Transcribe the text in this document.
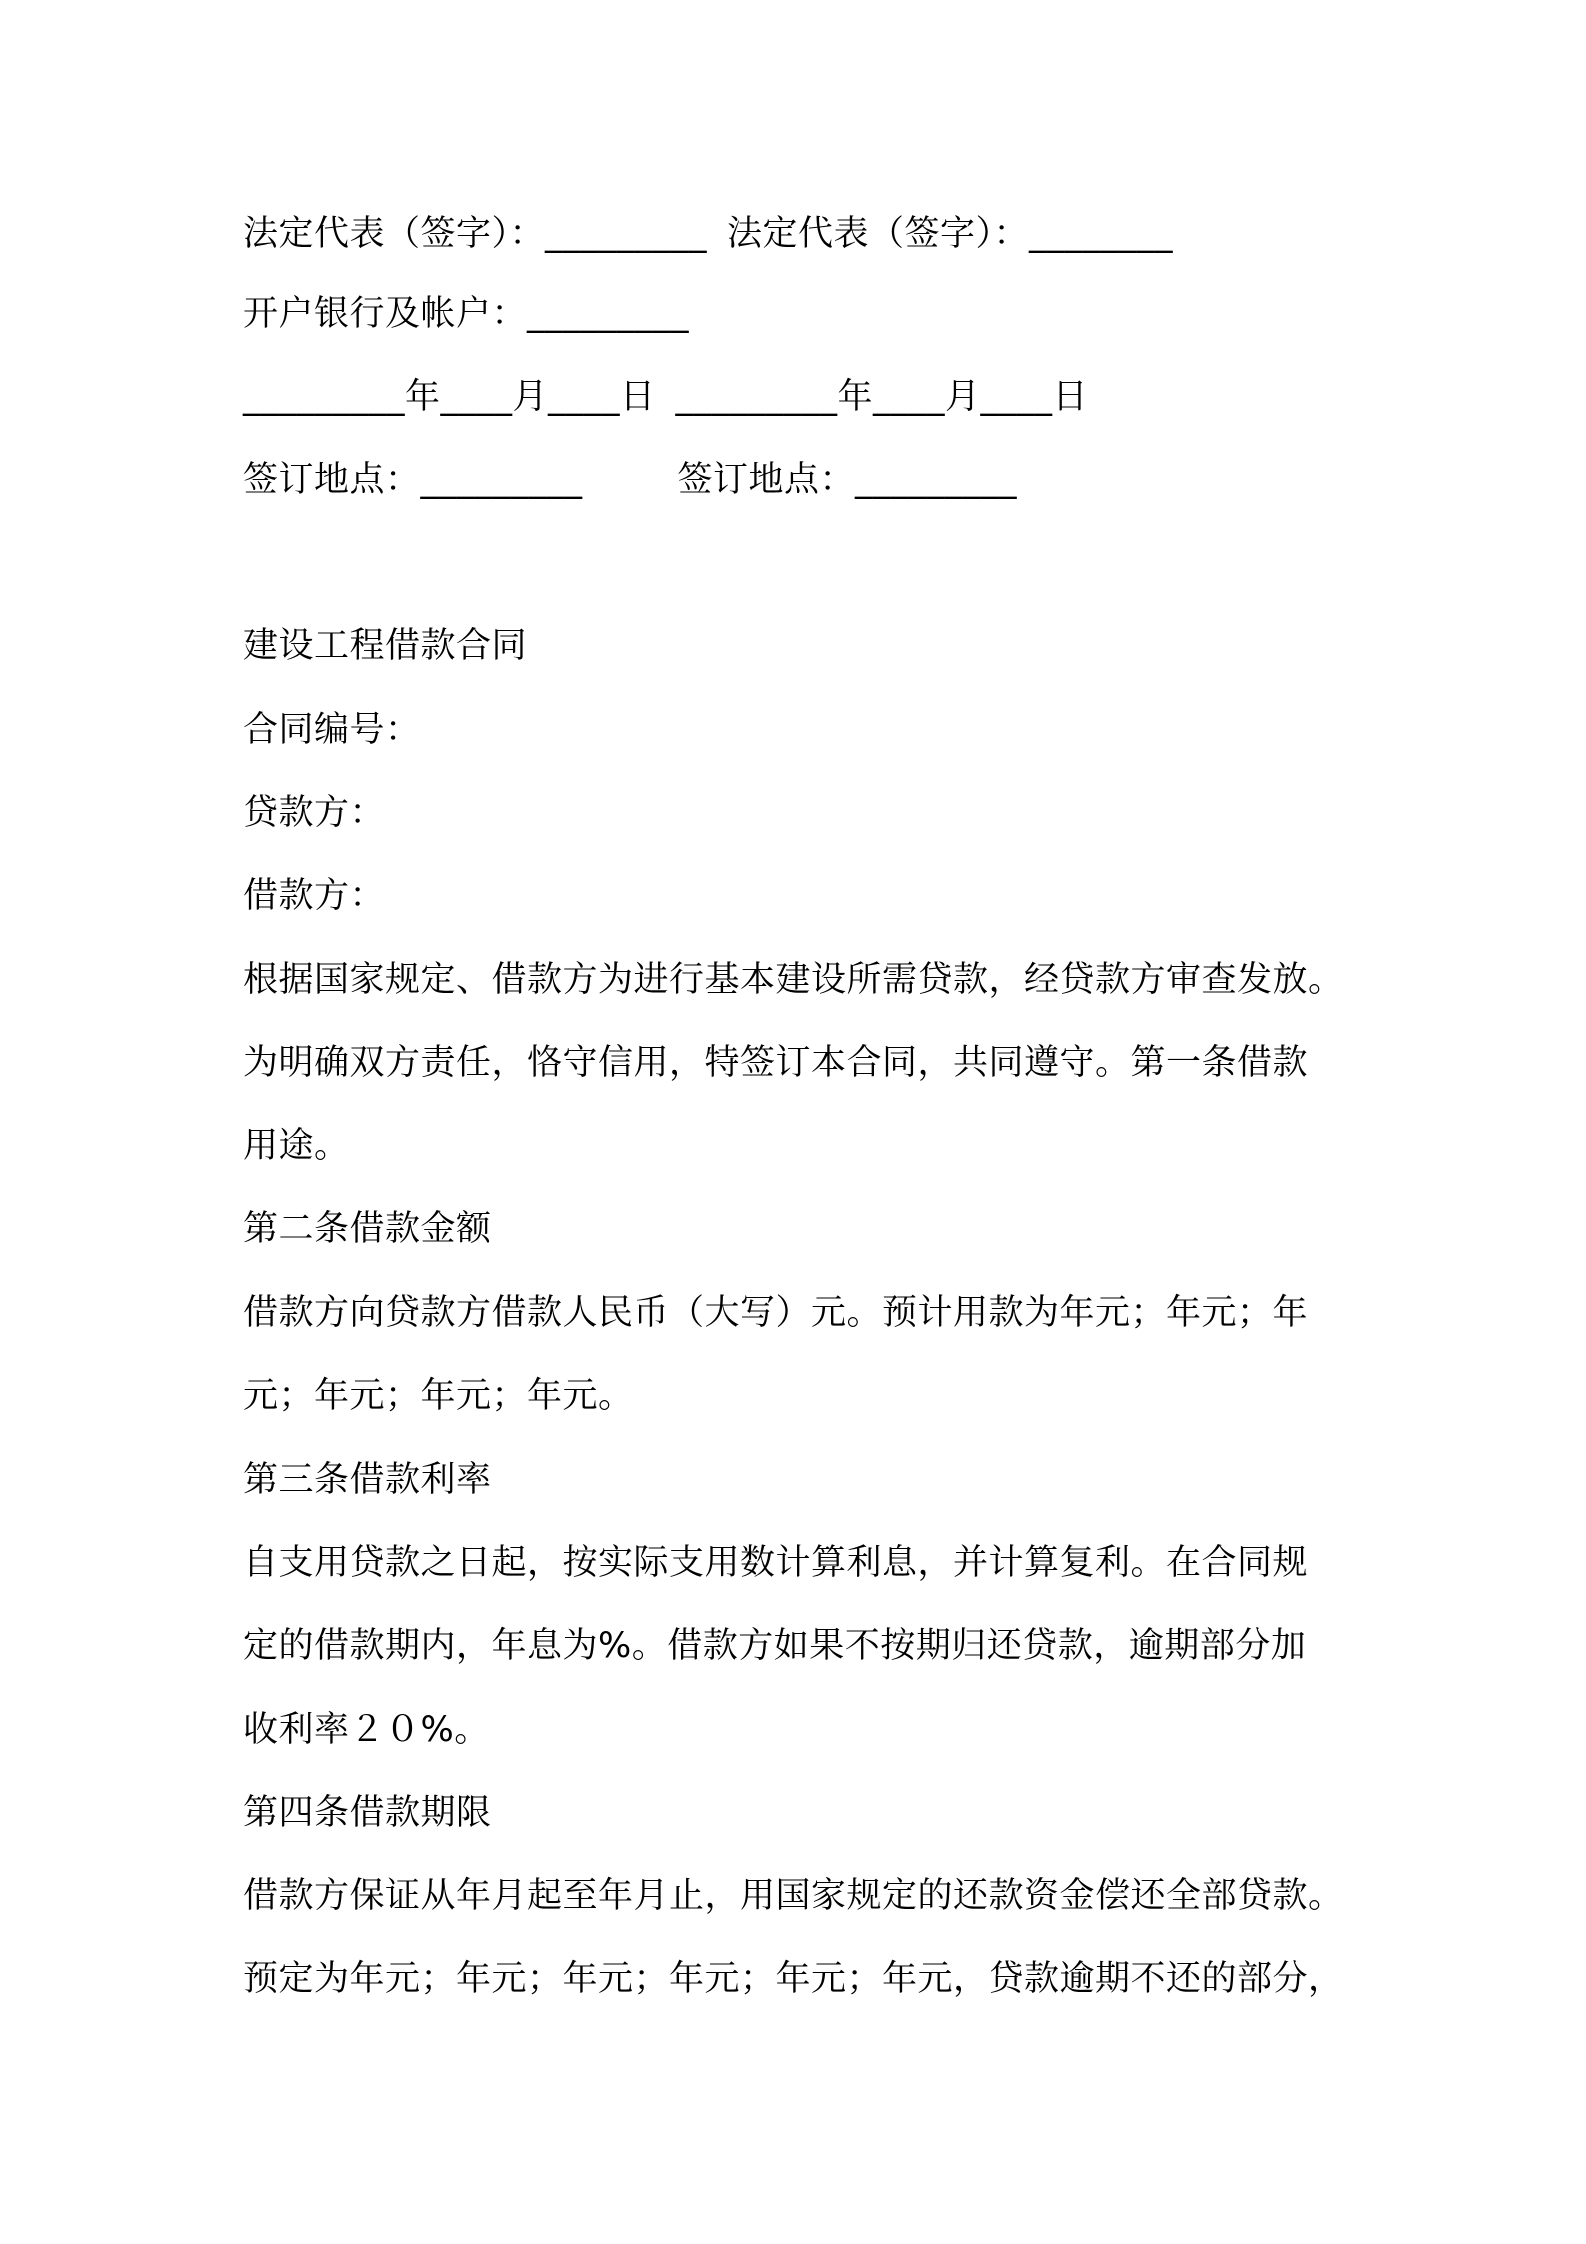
法定代表（签字）：_________ 法定代表（签字）：________
开户银行及帐户：_________
_________年____月____日 _________年____月____日
签订地点：_________	签订地点：_________
建设工程借款合同
合同编号：
贷款方：
借款方：
根据国家规定、借款方为进行基本建设所需贷款，经贷款方审查发放。
为明确双方责任，恪守信用，特签订本合同，共同遵守。第一条借款
用途。
第二条借款金额
借款方向贷款方借款人民币（大写）元。预计用款为年元；年元；年
元；年元；年元；年元。
第三条借款利率
自支用贷款之日起，按实际支用数计算利息，并计算复利。在合同规
定的借款期内，年息为%。借款方如果不按期归还贷款，逾期部分加
收利率２０%。
第四条借款期限
借款方保证从年月起至年月止，用国家规定的还款资金偿还全部贷款。
预定为年元；年元；年元；年元；年元；年元，贷款逾期不还的部分，
